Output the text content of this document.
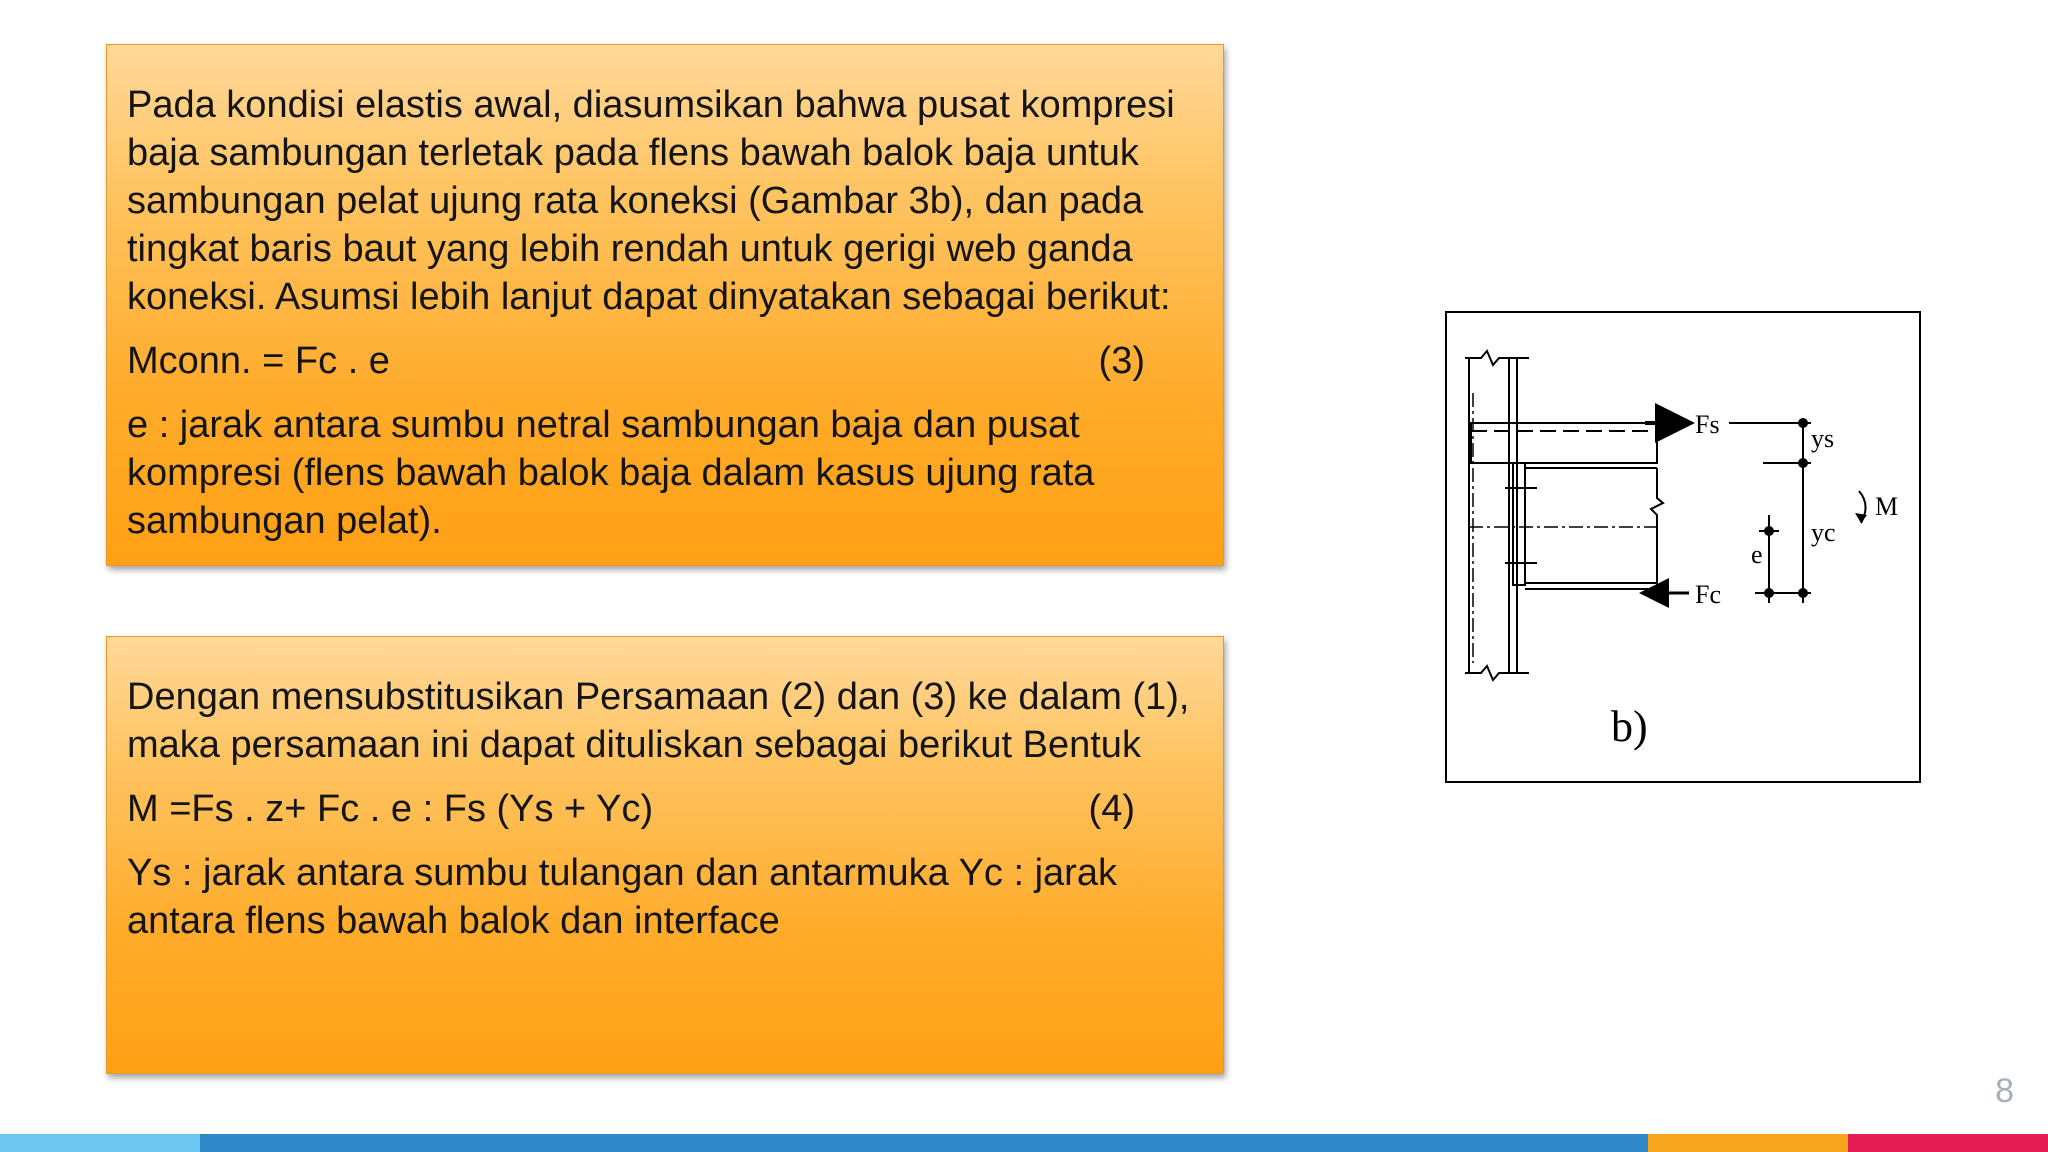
Pada kondisi elastis awal, diasumsikan bahwa pusat kompresi baja sambungan terletak pada flens bawah balok baja untuk sambungan pelat ujung rata koneksi (Gambar 3b), dan pada tingkat baris baut yang lebih rendah untuk gerigi web ganda koneksi. Asumsi lebih lanjut dapat dinyatakan sebagai berikut:

Mconn. = Fc . e	(3)

e : jarak antara sumbu netral sambungan baja dan pusat kompresi (flens bawah balok baja dalam kasus ujung rata sambungan pelat).

Dengan mensubstitusikan Persamaan (2) dan (3) ke dalam (1), maka persamaan ini dapat dituliskan sebagai berikut Bentuk

M =Fs . z+ Fc . e : Fs (Ys + Yc)	(4)

Ys : jarak antara sumbu tulangan dan antarmuka Yc : jarak antara flens bawah balok dan interface

Fs
Fc
ys
yc
e
M
b)
8
